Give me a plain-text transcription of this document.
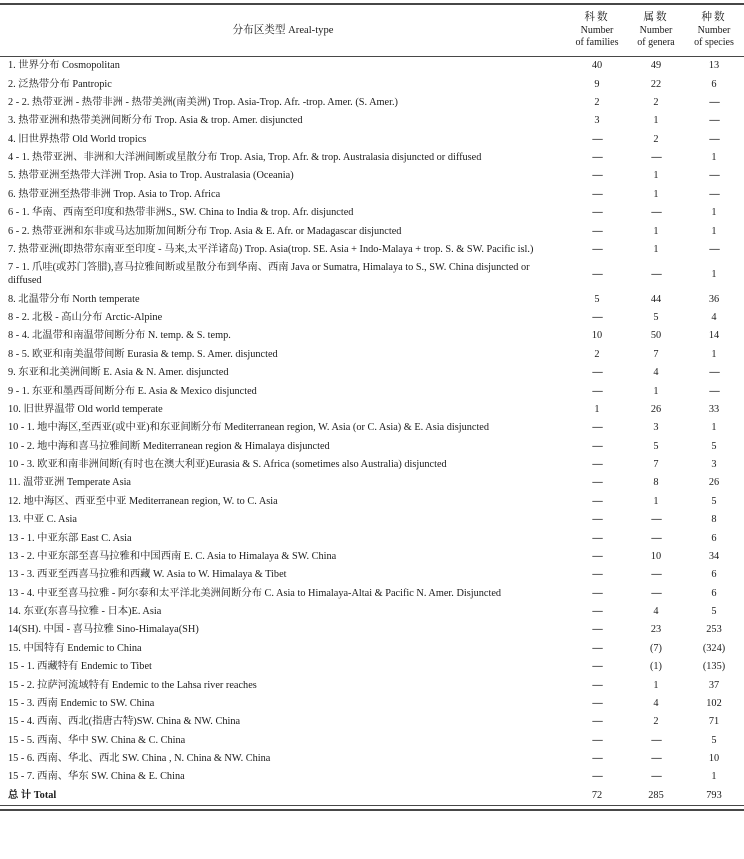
分布区类型 Areal-type	科数
Number
of families	属数
Number
of genera	种数
Number
of species

1. 世界分布 Cosmopolitan	40	49	13
2. 泛热带分布 Pantropic	9	22	6
2 - 2. 热带亚洲 - 热带非洲 - 热带美洲(南美洲) Trop. Asia-Trop. Afr. -trop. Amer. (S. Amer.)	2	2	—
3. 热带亚洲和热带美洲间断分布 Trop. Asia & trop. Amer. disjuncted	3	1	—
4. 旧世界热带 Old World tropics	—	2	—
4 - 1. 热带亚洲、非洲和大洋洲间断或星散分布 Trop. Asia, Trop. Afr. & trop. Australasia disjuncted or diffused	—	—	1
5. 热带亚洲至热带大洋洲 Trop. Asia to Trop. Australasia (Oceania)	—	1	—
6. 热带亚洲至热带非洲 Trop. Asia to Trop. Africa	—	1	—
6 - 1. 华南、西南至印度和热带非洲S., SW. China to India & trop. Afr. disjuncted	—	—	1
6 - 2. 热带亚洲和东非或马达加斯加间断分布 Trop. Asia & E. Afr. or Madagascar disjuncted	—	1	1
7. 热带亚洲(即热带东南亚至印度 - 马来,太平洋诸岛) Trop. Asia(trop. SE. Asia + Indo-Malaya + trop. S. & SW. Pacific isl.)	—	1	—
7 - 1. 爪哇(或苏门答腊),喜马拉雅间断或星散分布到华南、西南 Java or Sumatra, Himalaya to S., SW. China disjuncted or diffused	—	—	1
8. 北温带分布 North temperate	5	44	36
8 - 2. 北极 - 高山分布 Arctic-Alpine	—	5	4
8 - 4. 北温带和南温带间断分布 N. temp. & S. temp.	10	50	14
8 - 5. 欧亚和南美温带间断 Eurasia & temp. S. Amer. disjuncted	2	7	1
9. 东亚和北美洲间断 E. Asia & N. Amer. disjuncted	—	4	—
9 - 1. 东亚和墨西哥间断分布 E. Asia & Mexico disjuncted	—	1	—
10. 旧世界温带 Old world temperate	1	26	33
10 - 1. 地中海区,至西亚(或中亚)和东亚间断分布 Mediterranean region, W. Asia (or C. Asia) & E. Asia disjuncted	—	3	1
10 - 2. 地中海和喜马拉雅间断 Mediterranean region & Himalaya disjuncted	—	5	5
10 - 3. 欧亚和南非洲间断(有时也在澳大利亚)Eurasia & S. Africa (sometimes also Australia) disjuncted	—	7	3
11. 温带亚洲 Temperate Asia	—	8	26
12. 地中海区、西亚至中亚 Mediterranean region, W. to C. Asia	—	1	5
13. 中亚 C. Asia	—	—	8
13 - 1. 中亚东部 East C. Asia	—	—	6
13 - 2. 中亚东部至喜马拉雅和中国西南 E. C. Asia to Himalaya & SW. China	—	10	34
13 - 3. 西亚至西喜马拉雅和西藏 W. Asia to W. Himalaya & Tibet	—	—	6
13 - 4. 中亚至喜马拉雅 - 阿尔泰和太平洋北美洲间断分布 C. Asia to Himalaya-Altai & Pacific N. Amer. Disjuncted	—	—	6
14. 东亚(东喜马拉雅 - 日本)E. Asia	—	4	5
14(SH). 中国 - 喜马拉雅 Sino-Himalaya(SH)	—	23	253
15. 中国特有 Endemic to China	—	(7)	(324)
15 - 1. 西藏特有 Endemic to Tibet	—	(1)	(135)
15 - 2. 拉萨河流域特有 Endemic to the Lahsa river reaches	—	1	37
15 - 3. 西南 Endemic to SW. China	—	4	102
15 - 4. 西南、西北(指唐古特)SW. China & NW. China	—	2	71
15 - 5. 西南、华中 SW. China & C. China	—	—	5
15 - 6. 西南、华北、西北 SW. China , N. China & NW. China	—	—	10
15 - 7. 西南、华东 SW. China & E. China	—	—	1
总 计 Total	72	285	793
